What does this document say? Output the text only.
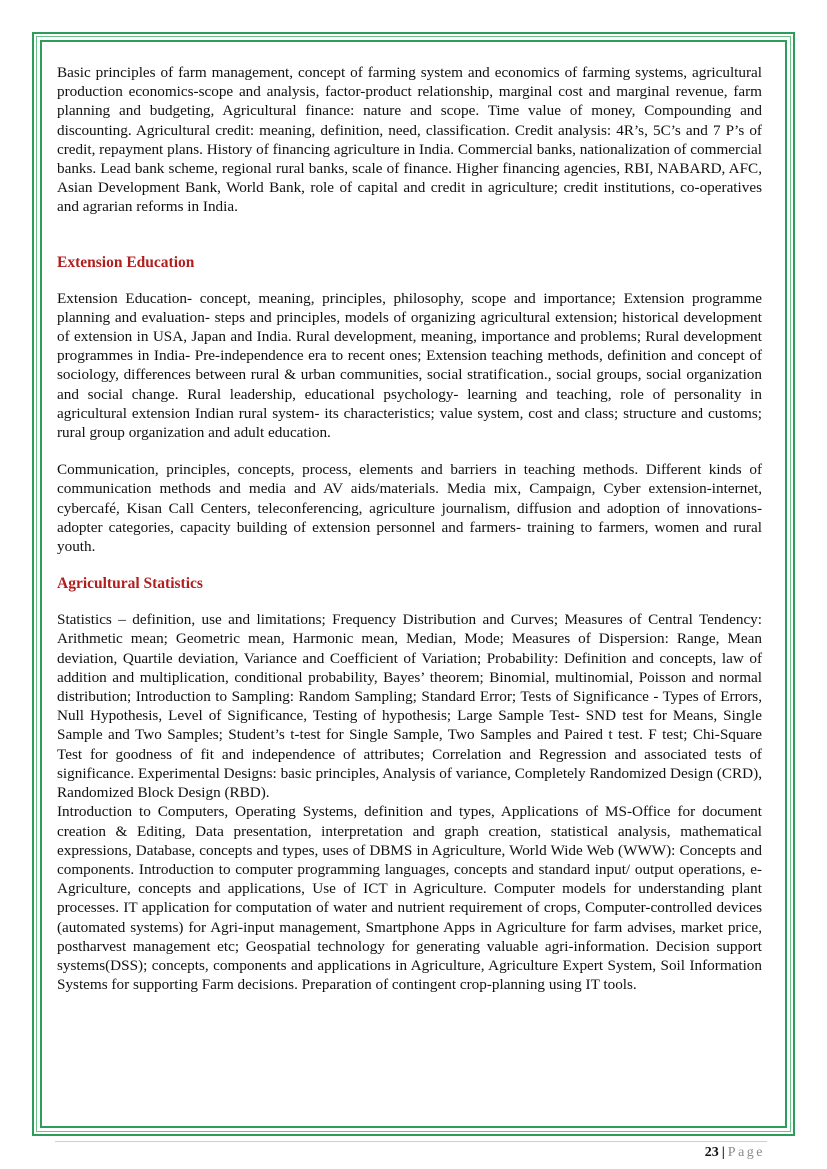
Basic principles of farm management, concept of farming system and economics of farming systems, agricultural production economics-scope and analysis, factor-product relationship, marginal cost and marginal revenue, farm planning and budgeting, Agricultural finance: nature and scope. Time value of money, Compounding and discounting. Agricultural credit: meaning, definition, need, classification. Credit analysis: 4R’s, 5C’s and 7 P’s of credit, repayment plans. History of financing agriculture in India. Commercial banks, nationalization of commercial banks. Lead bank scheme, regional rural banks, scale of finance. Higher financing agencies, RBI, NABARD, AFC, Asian Development Bank, World Bank, role of capital and credit in agriculture; credit institutions, co-operatives and agrarian reforms in India.

Extension Education

Extension Education- concept, meaning, principles, philosophy, scope and importance; Extension programme planning and evaluation- steps and principles, models of organizing agricultural extension; historical development of extension in USA, Japan and India. Rural development, meaning, importance and problems; Rural development programmes in India- Pre-independence era to recent ones; Extension teaching methods, definition and concept of sociology, differences between rural & urban communities, social stratification., social groups, social organization and social change. Rural leadership, educational psychology- learning and teaching, role of personality in agricultural extension Indian rural system- its characteristics; value system, cost and class; structure and customs; rural group organization and adult education.

Communication, principles, concepts, process, elements and barriers in teaching methods. Different kinds of communication methods and media and AV aids/materials. Media mix, Campaign, Cyber extension-internet, cybercafé, Kisan Call Centers, teleconferencing, agriculture journalism, diffusion and adoption of innovations- adopter categories, capacity building of extension personnel and farmers- training to farmers, women and rural youth.

Agricultural Statistics

Statistics – definition, use and limitations; Frequency Distribution and Curves; Measures of Central Tendency: Arithmetic mean; Geometric mean, Harmonic mean, Median, Mode; Measures of Dispersion: Range, Mean deviation, Quartile deviation, Variance and Coefficient of Variation; Probability: Definition and concepts, law of addition and multiplication, conditional probability, Bayes’ theorem; Binomial, multinomial, Poisson and normal distribution; Introduction to Sampling: Random Sampling; Standard Error; Tests of Significance - Types of Errors, Null Hypothesis, Level of Significance, Testing of hypothesis; Large Sample Test- SND test for Means, Single Sample and Two Samples; Student’s t-test for Single Sample, Two Samples and Paired t test. F test; Chi-Square Test for goodness of fit and independence of attributes; Correlation and Regression and associated tests of significance. Experimental Designs: basic principles, Analysis of variance, Completely Randomized Design (CRD), Randomized Block Design (RBD).

Introduction to Computers, Operating Systems, definition and types, Applications of MS-Office for document creation & Editing, Data presentation, interpretation and graph creation, statistical analysis, mathematical expressions, Database, concepts and types, uses of DBMS in Agriculture, World Wide Web (WWW): Concepts and components. Introduction to computer programming languages, concepts and standard input/ output operations, e-Agriculture, concepts and applications, Use of ICT in Agriculture. Computer models for understanding plant processes. IT application for computation of water and nutrient requirement of crops, Computer-controlled devices (automated systems) for Agri-input management, Smartphone Apps in Agriculture for farm advises, market price, postharvest management etc; Geospatial technology for generating valuable agri-information. Decision support systems(DSS); concepts, components and applications in Agriculture, Agriculture Expert System, Soil Information Systems for supporting Farm decisions. Preparation of contingent crop-planning using IT tools.

23 | Page
